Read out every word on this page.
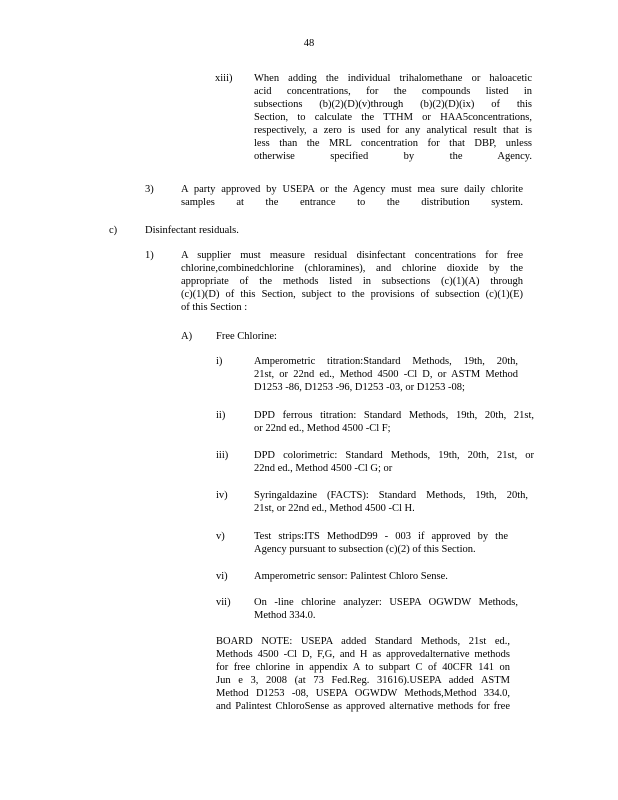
48
xiii) When adding the individual trihalomethane or haloacetic

acid concentrations, for the compounds listed in

subsections (b)(2)(D)(v)through (b)(2)(D)(ix) of this

Section, to calculate the TTHM or HAA5concentrations,

respectively, a zero is used for any analytical result that is

less than the MRL concentration for that DBP, unless

otherwise specified by the Agency.

3)	A party approved by USEPA or the Agency must mea sure daily chlorite

samples at the entrance to the distribution system.

c)	Disinfectant residuals.

1)	A supplier must measure residual disinfectant concentrations for free

chlorine,combinedchlorine (chloramines), and chlorine dioxide by the

appropriate of the methods listed in subsections (c)(1)(A) through

(c)(1)(D) of this Section, subject to the provisions of subsection (c)(1)(E)

of this Section :

A) Free Chlorine:

i)	Amperometric titration:Standard Methods, 19th, 20th,

21st, or 22nd ed., Method 4500 -Cl D, or ASTM Method

D1253 -86, D1253 -96, D1253 -03, or D1253 -08;

ii)	DPD ferrous titration: Standard Methods, 19th, 20th, 21st,

or 22nd ed., Method 4500 -Cl F;

iii) DPD colorimetric: Standard Methods, 19th, 20th, 21st, or

22nd ed., Method 4500 -Cl G; or

iv)	Syringaldazine (FACTS): Standard Methods, 19th, 20th,

21st, or 22nd ed., Method 4500 -Cl H.

v)	Test strips:ITS MethodD99 - 003 if approved by the

Agency pursuant to subsection (c)(2) of this Section.

vi)	Amperometric sensor: Palintest Chloro Sense.

vii) On -line chlorine analyzer: USEPA OGWDW Methods,

Method 334.0.

BOARD NOTE: USEPA added Standard Methods, 21st ed.,

Methods 4500 -Cl D, F,G, and H as approvedalternative methods

for free chlorine in appendix A to subpart C of 40CFR 141 on

Jun e 3, 2008 (at 73 Fed.Reg. 31616).USEPA added ASTM

Method D1253 -08, USEPA OGWDW Methods,Method 334.0,

and Palintest ChloroSense as approved alternative methods for free
